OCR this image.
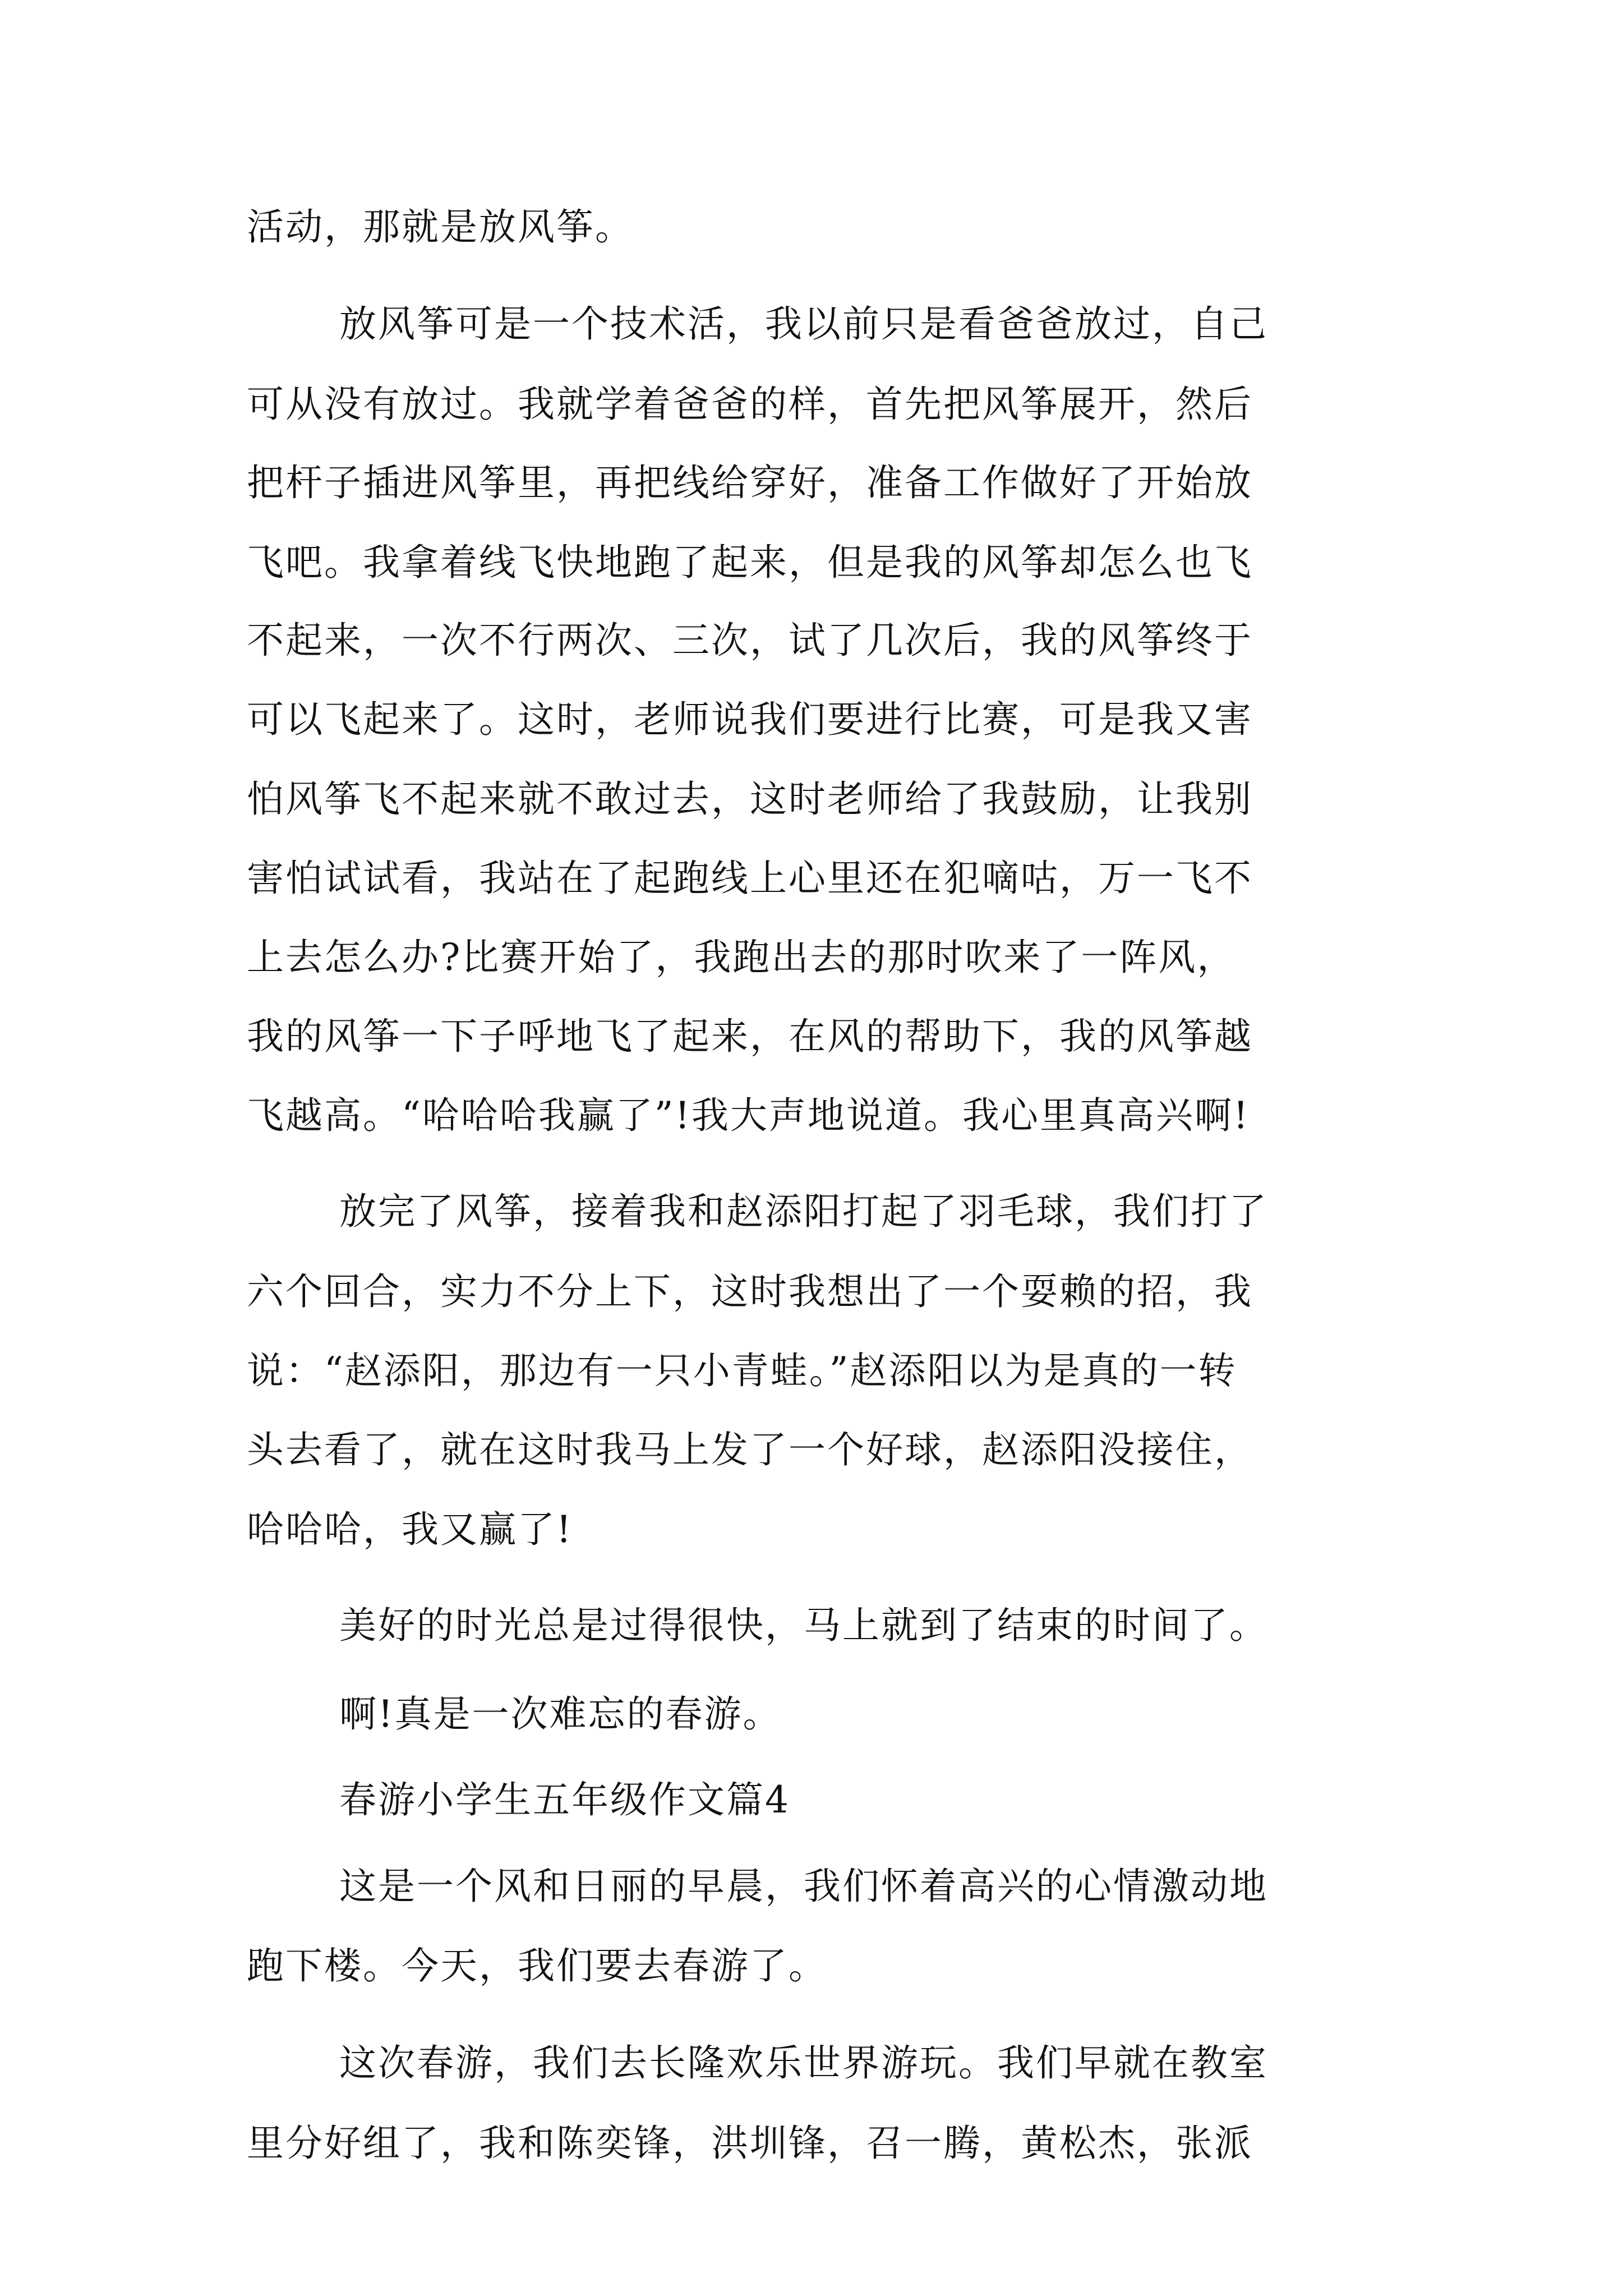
活动，那就是放风筝。

放风筝可是一个技术活，我以前只是看爸爸放过，自己

可从没有放过。我就学着爸爸的样，首先把风筝展开，然后

把杆子插进风筝里，再把线给穿好，准备工作做好了开始放

飞吧。我拿着线飞快地跑了起来，但是我的风筝却怎么也飞

不起来，一次不行两次、三次，试了几次后，我的风筝终于

可以飞起来了。这时，老师说我们要进行比赛，可是我又害

怕风筝飞不起来就不敢过去，这时老师给了我鼓励，让我别

害怕试试看，我站在了起跑线上心里还在犯嘀咕，万一飞不

上去怎么办?比赛开始了，我跑出去的那时吹来了一阵风，

我的风筝一下子呼地飞了起来，在风的帮助下，我的风筝越

飞越高。“哈哈哈我赢了”!我大声地说道。我心里真高兴啊!

放完了风筝，接着我和赵添阳打起了羽毛球，我们打了

六个回合，实力不分上下，这时我想出了一个耍赖的招，我

说：“赵添阳，那边有一只小青蛙。”赵添阳以为是真的一转

头去看了，就在这时我马上发了一个好球，赵添阳没接住，

哈哈哈，我又赢了!

美好的时光总是过得很快，马上就到了结束的时间了。

啊!真是一次难忘的春游。

春游小学生五年级作文篇4

这是一个风和日丽的早晨，我们怀着高兴的心情激动地

跑下楼。今天，我们要去春游了。

这次春游，我们去长隆欢乐世界游玩。我们早就在教室

里分好组了，我和陈奕锋，洪圳锋，召一腾，黄松杰，张派
